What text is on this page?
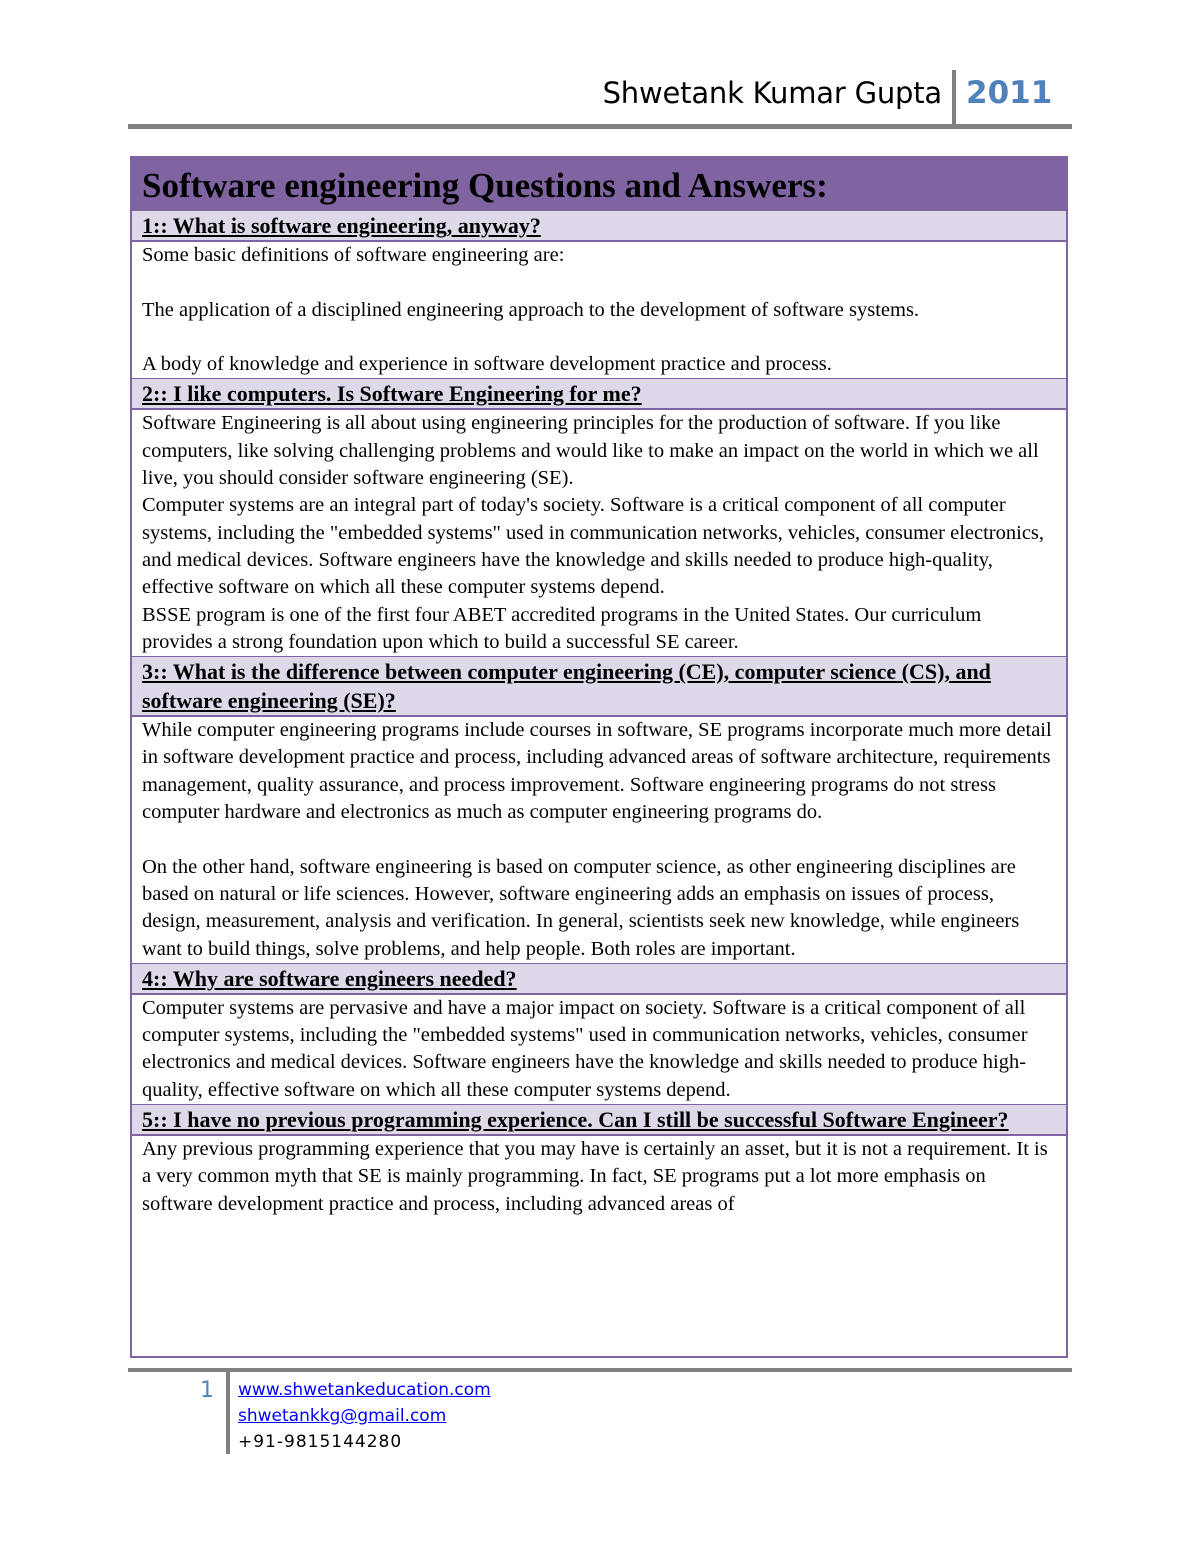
Shwetank Kumar Gupta 2011
Software engineering Questions and Answers:
1:: What is software engineering, anyway?

Some basic definitions of software engineering are:

The application of a disciplined engineering approach to the development of software systems.

A body of knowledge and experience in software development practice and process.

2:: I like computers. Is Software Engineering for me?

Software Engineering is all about using engineering principles for the production of software. If you like computers, like solving challenging problems and would like to make an impact on the world in which we all live, you should consider software engineering (SE).

Computer systems are an integral part of today's society. Software is a critical component of all computer systems, including the "embedded systems" used in communication networks, vehicles, consumer electronics, and medical devices. Software engineers have the knowledge and skills needed to produce high-quality, effective software on which all these computer systems depend.

BSSE program is one of the first four ABET accredited programs in the United States. Our curriculum provides a strong foundation upon which to build a successful SE career.

3:: What is the difference between computer engineering (CE), computer science (CS), and software engineering (SE)?

While computer engineering programs include courses in software, SE programs incorporate much more detail in software development practice and process, including advanced areas of software architecture, requirements management, quality assurance, and process improvement. Software engineering programs do not stress computer hardware and electronics as much as computer engineering programs do.

On the other hand, software engineering is based on computer science, as other engineering disciplines are based on natural or life sciences. However, software engineering adds an emphasis on issues of process, design, measurement, analysis and verification. In general, scientists seek new knowledge, while engineers want to build things, solve problems, and help people. Both roles are important.

4:: Why are software engineers needed?

Computer systems are pervasive and have a major impact on society. Software is a critical component of all computer systems, including the "embedded systems" used in communication networks, vehicles, consumer electronics and medical devices. Software engineers have the knowledge and skills needed to produce high-quality, effective software on which all these computer systems depend.

5:: I have no previous programming experience. Can I still be successful Software Engineer?

Any previous programming experience that you may have is certainly an asset, but it is not a requirement. It is a very common myth that SE is mainly programming. In fact, SE programs put a lot more emphasis on software development practice and process, including advanced areas of

1 www.shwetankeducation.com
shwetankkg@gmail.com
+91-9815144280
